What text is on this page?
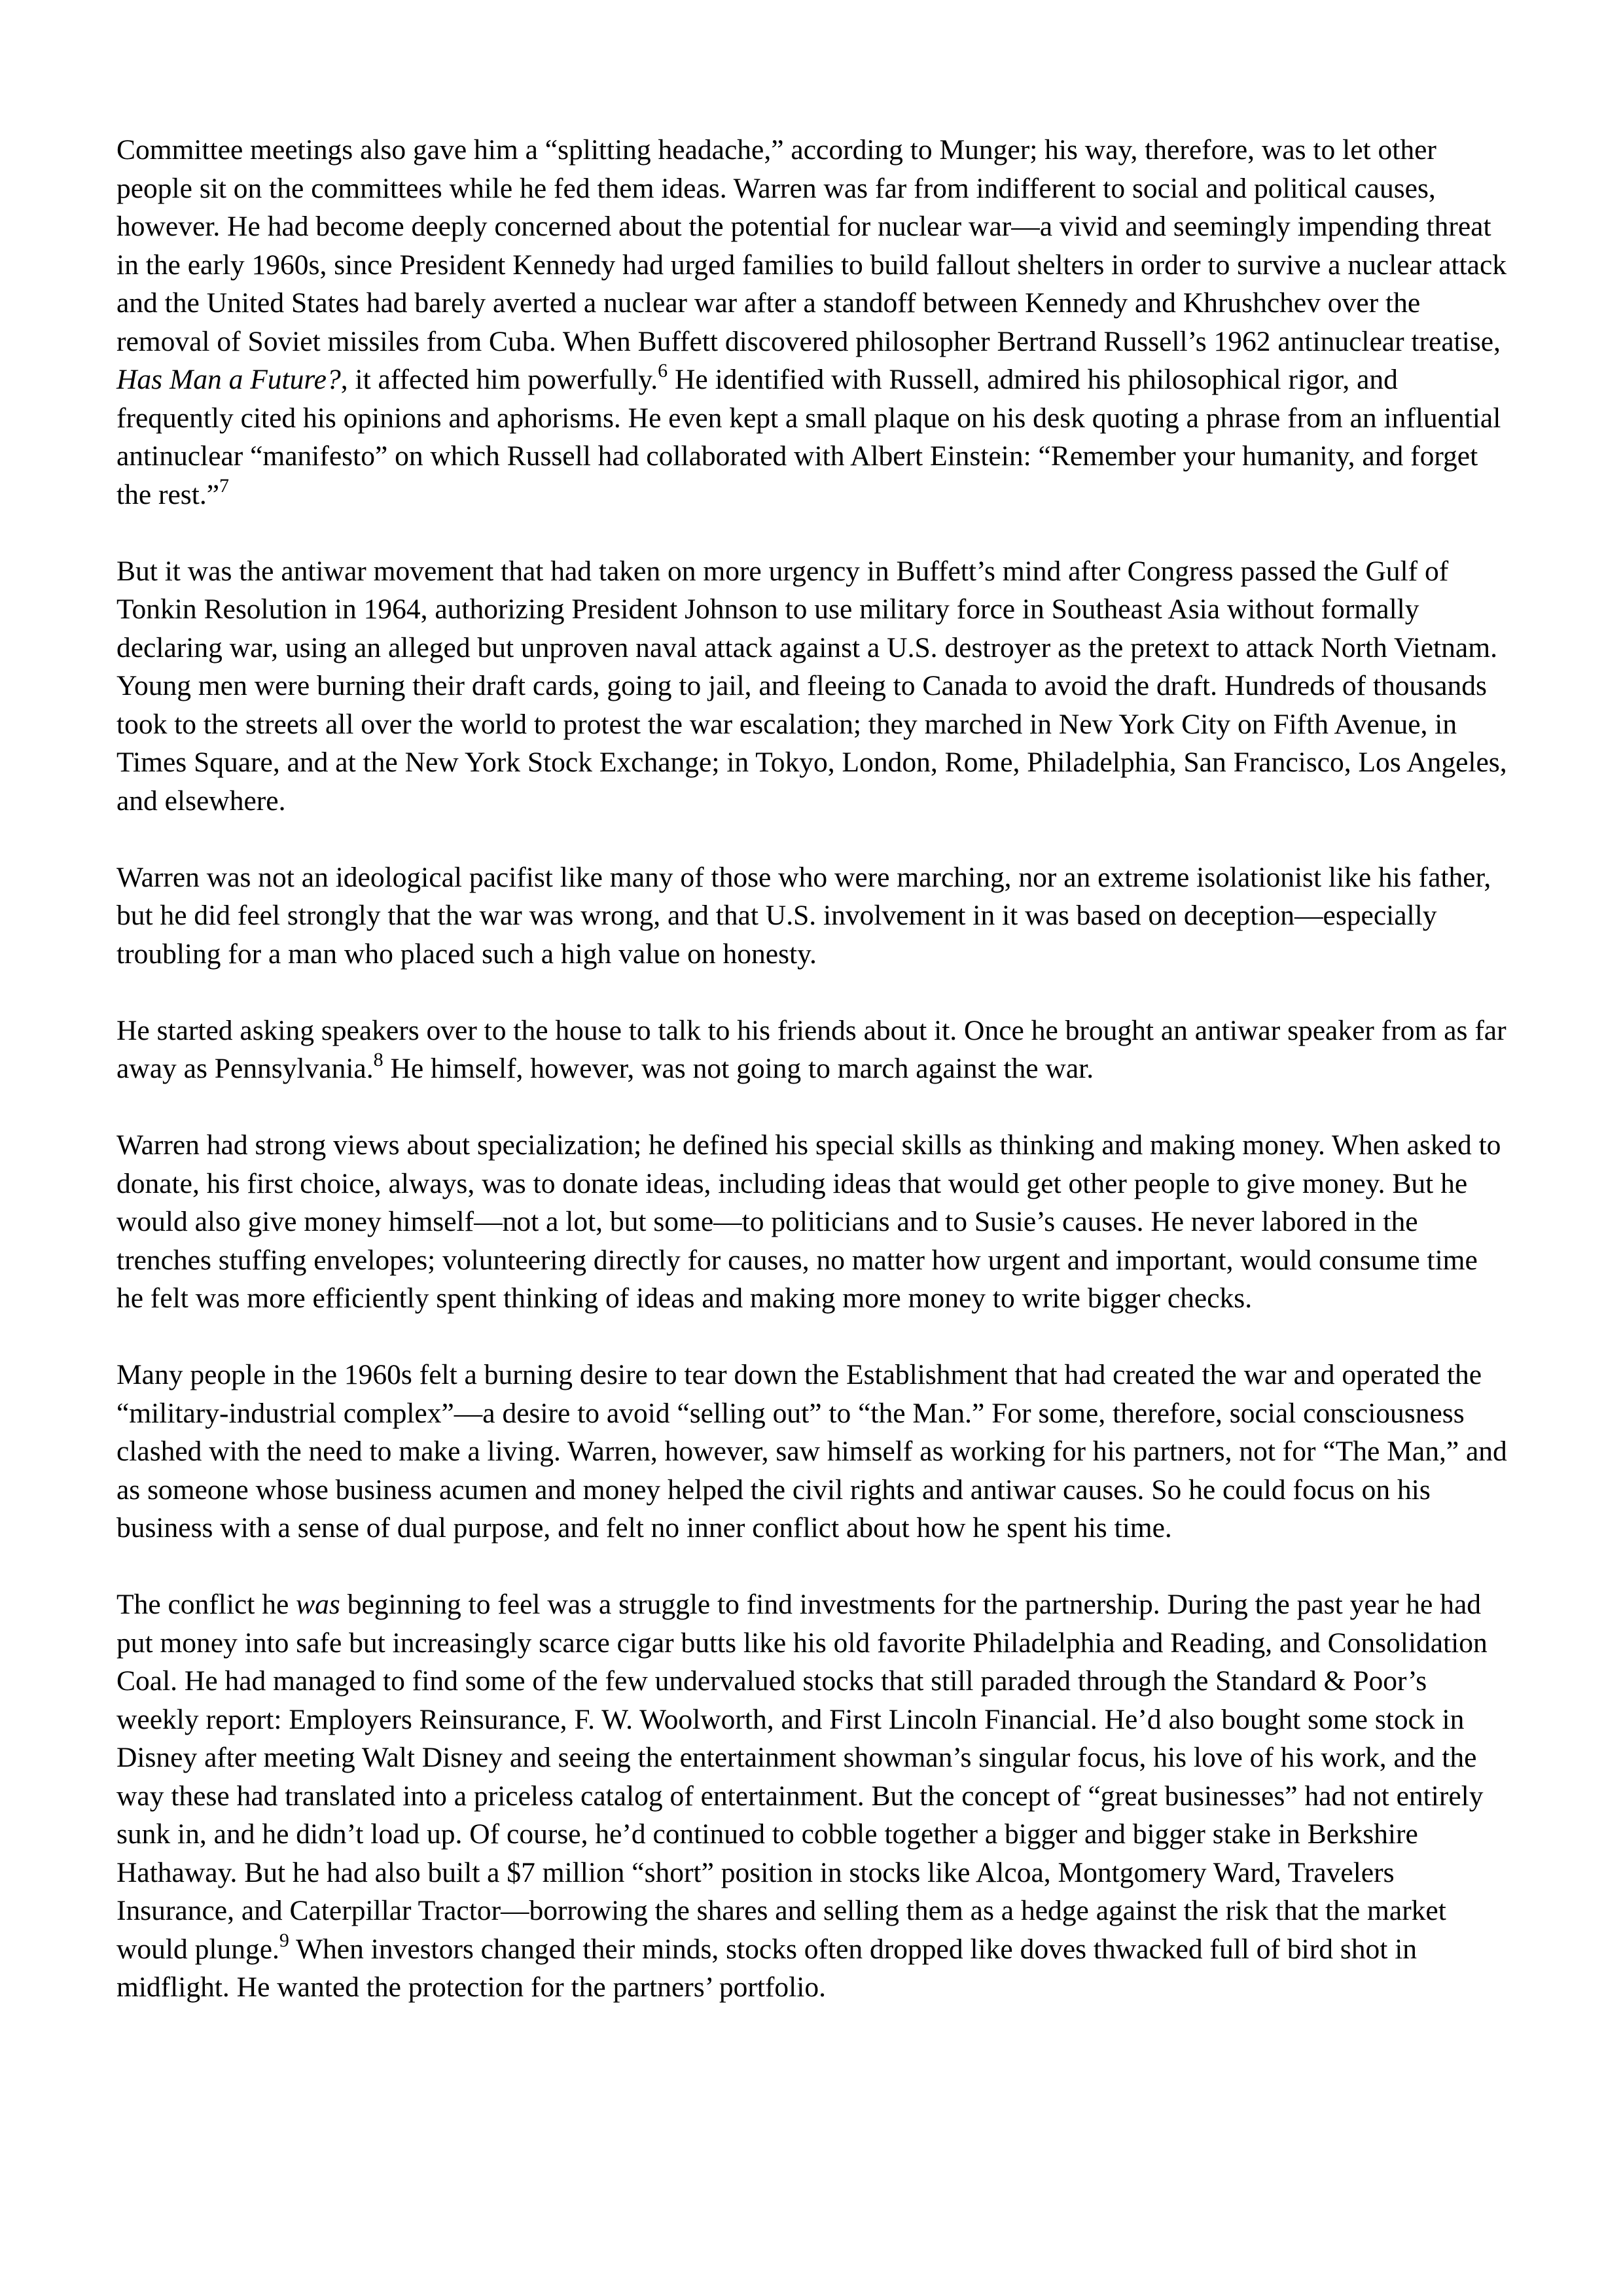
Committee meetings also gave him a “splitting headache,” according to Munger; his way, therefore, was to let other people sit on the committees while he fed them ideas. Warren was far from indifferent to social and political causes, however. He had become deeply concerned about the potential for nuclear war—a vivid and seemingly impending threat in the early 1960s, since President Kennedy had urged families to build fallout shelters in order to survive a nuclear attack and the United States had barely averted a nuclear war after a standoff between Kennedy and Khrushchev over the removal of Soviet missiles from Cuba. When Buffett discovered philosopher Bertrand Russell’s 1962 antinuclear treatise, Has Man a Future?, it affected him powerfully.$^6$ He identified with Russell, admired his philosophical rigor, and frequently cited his opinions and aphorisms. He even kept a small plaque on his desk quoting a phrase from an influential antinuclear “manifesto” on which Russell had collaborated with Albert Einstein: “Remember your humanity, and forget the rest.”$^7$

But it was the antiwar movement that had taken on more urgency in Buffett’s mind after Congress passed the Gulf of Tonkin Resolution in 1964, authorizing President Johnson to use military force in Southeast Asia without formally declaring war, using an alleged but unproven naval attack against a U.S. destroyer as the pretext to attack North Vietnam. Young men were burning their draft cards, going to jail, and fleeing to Canada to avoid the draft. Hundreds of thousands took to the streets all over the world to protest the war escalation; they marched in New York City on Fifth Avenue, in Times Square, and at the New York Stock Exchange; in Tokyo, London, Rome, Philadelphia, San Francisco, Los Angeles, and elsewhere.

Warren was not an ideological pacifist like many of those who were marching, nor an extreme isolationist like his father, but he did feel strongly that the war was wrong, and that U.S. involvement in it was based on deception—especially troubling for a man who placed such a high value on honesty.

He started asking speakers over to the house to talk to his friends about it. Once he brought an antiwar speaker from as far away as Pennsylvania.$^8$ He himself, however, was not going to march against the war.

Warren had strong views about specialization; he defined his special skills as thinking and making money. When asked to donate, his first choice, always, was to donate ideas, including ideas that would get other people to give money. But he would also give money himself—not a lot, but some—to politicians and to Susie’s causes. He never labored in the trenches stuffing envelopes; volunteering directly for causes, no matter how urgent and important, would consume time he felt was more efficiently spent thinking of ideas and making more money to write bigger checks.

Many people in the 1960s felt a burning desire to tear down the Establishment that had created the war and operated the “military-industrial complex”—a desire to avoid “selling out” to “the Man.” For some, therefore, social consciousness clashed with the need to make a living. Warren, however, saw himself as working for his partners, not for “The Man,” and as someone whose business acumen and money helped the civil rights and antiwar causes. So he could focus on his business with a sense of dual purpose, and felt no inner conflict about how he spent his time.

The conflict he was beginning to feel was a struggle to find investments for the partnership. During the past year he had put money into safe but increasingly scarce cigar butts like his old favorite Philadelphia and Reading, and Consolidation Coal. He had managed to find some of the few undervalued stocks that still paraded through the Standard & Poor’s weekly report: Employers Reinsurance, F. W. Woolworth, and First Lincoln Financial. He’d also bought some stock in Disney after meeting Walt Disney and seeing the entertainment showman’s singular focus, his love of his work, and the way these had translated into a priceless catalog of entertainment. But the concept of “great businesses” had not entirely sunk in, and he didn’t load up. Of course, he’d continued to cobble together a bigger and bigger stake in Berkshire Hathaway. But he had also built a $7 million “short” position in stocks like Alcoa, Montgomery Ward, Travelers Insurance, and Caterpillar Tractor—borrowing the shares and selling them as a hedge against the risk that the market would plunge.$^9$ When investors changed their minds, stocks often dropped like doves thwacked full of bird shot in midflight. He wanted the protection for the partners’ portfolio.
